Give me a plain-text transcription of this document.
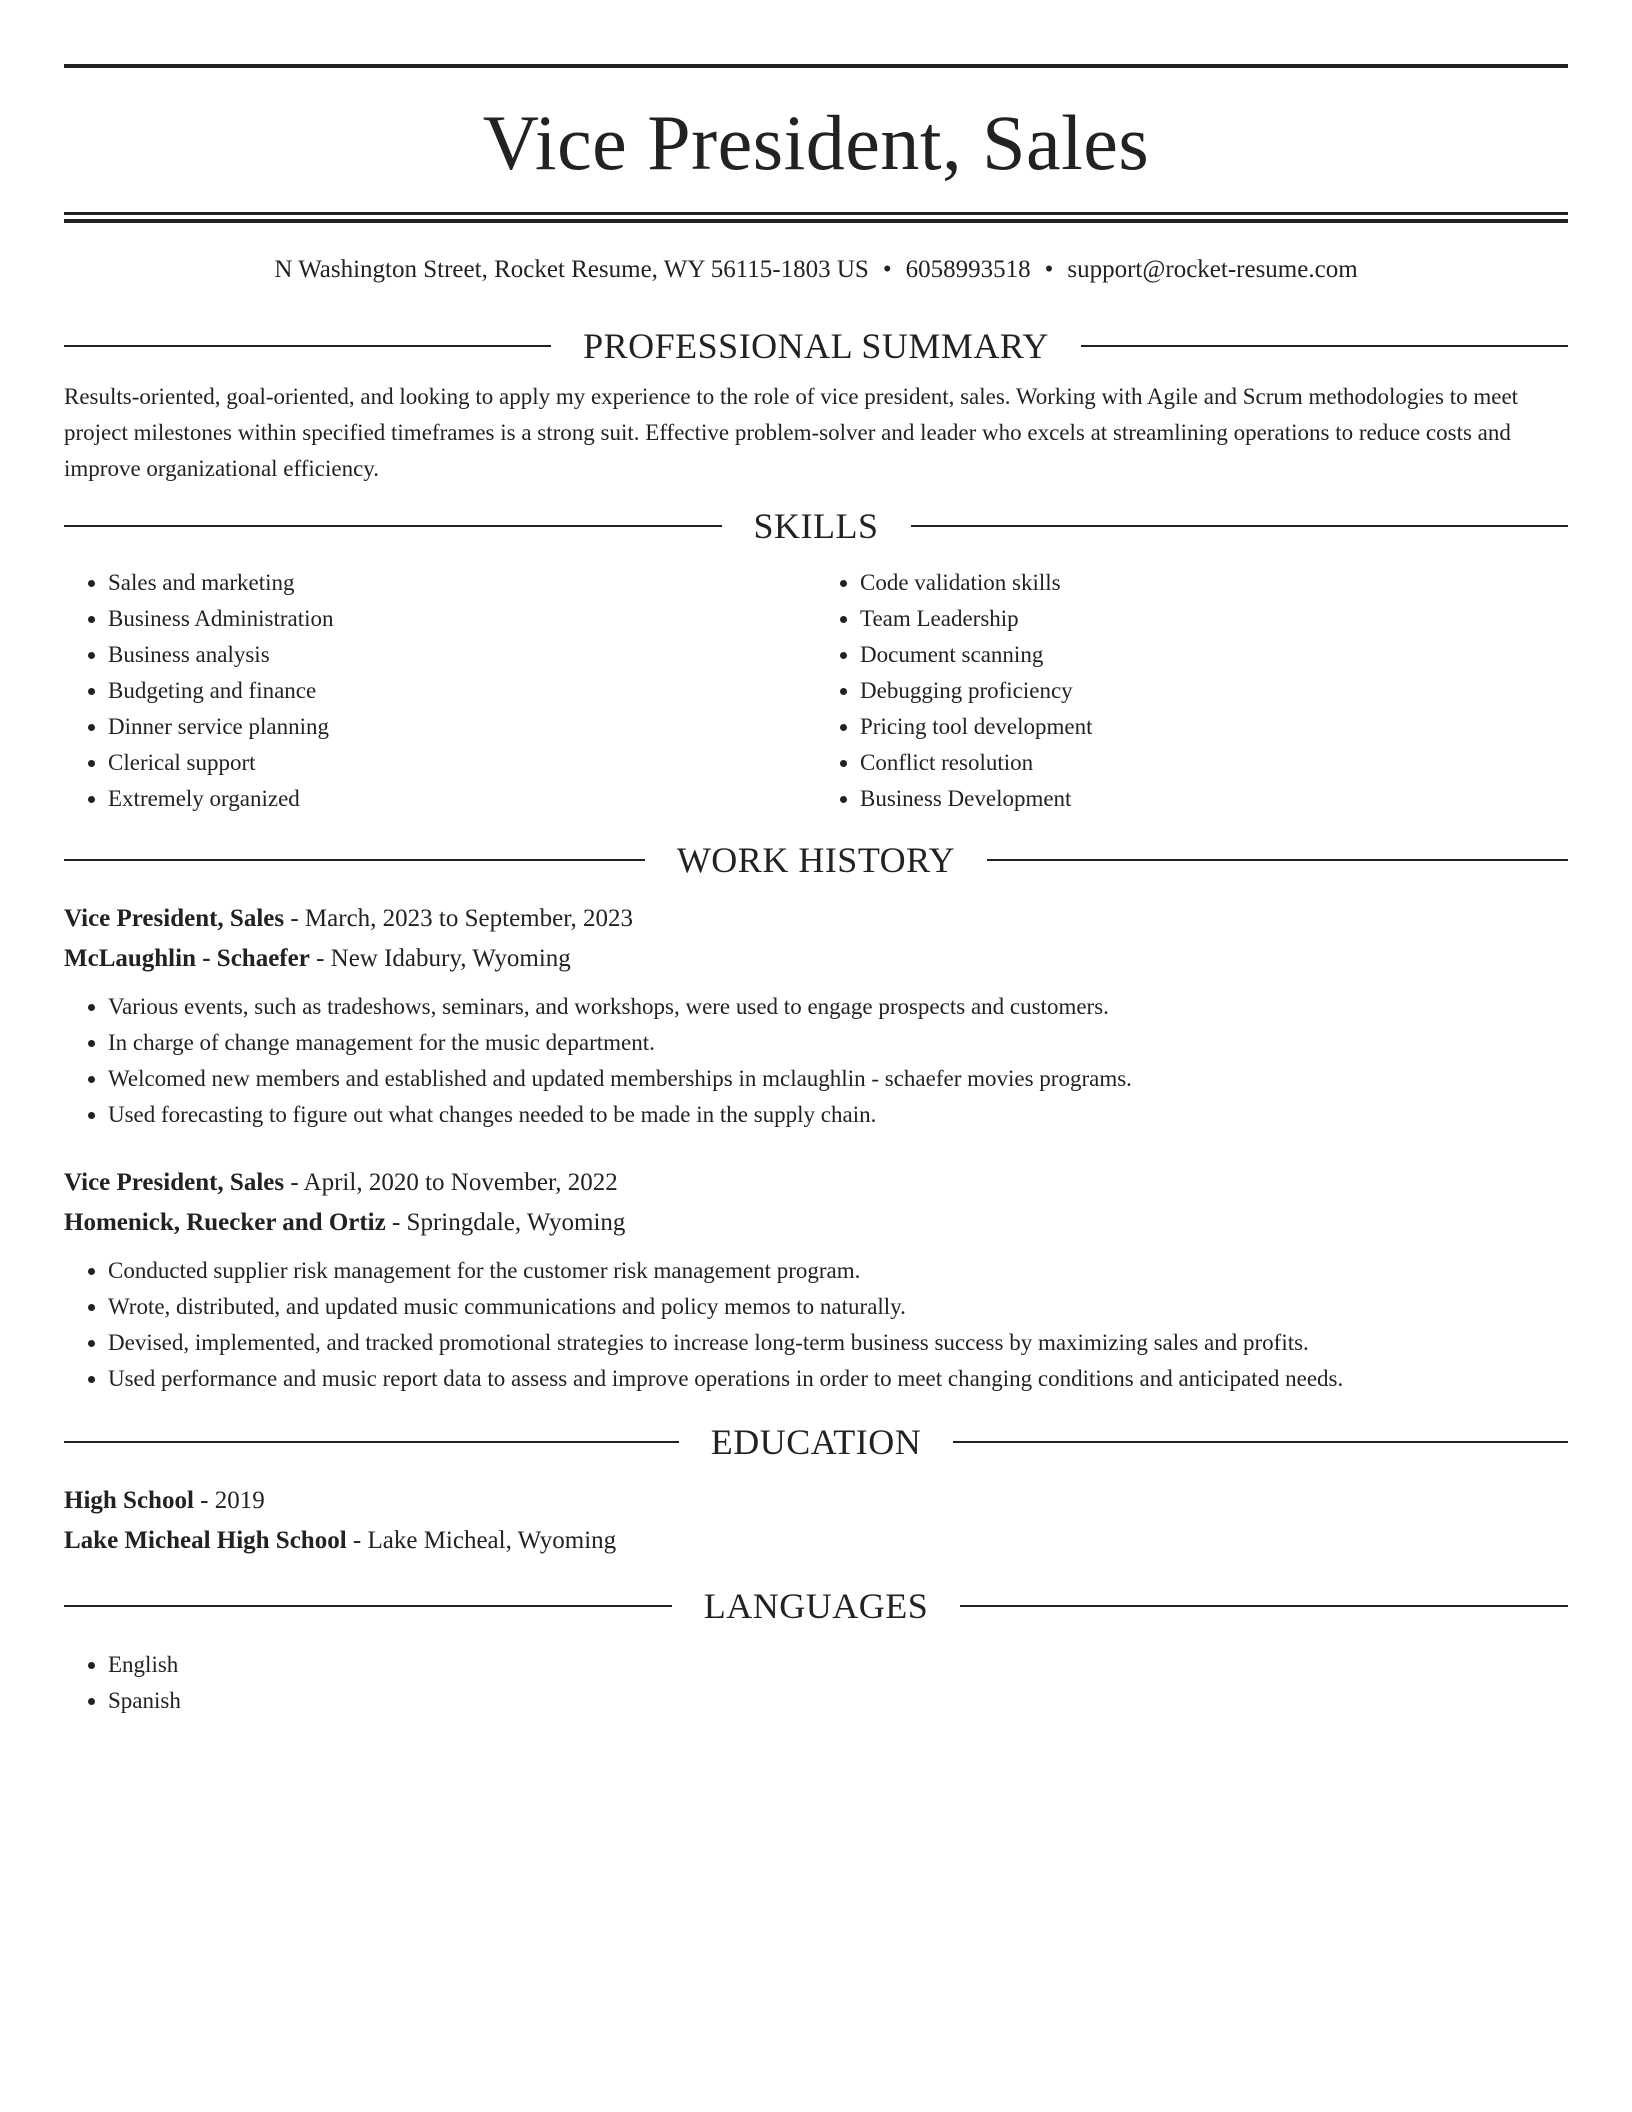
Vice President, Sales
N Washington Street, Rocket Resume, WY 56115-1803 US • 6058993518 • support@rocket-resume.com
PROFESSIONAL SUMMARY

Results-oriented, goal-oriented, and looking to apply my experience to the role of vice president, sales. Working with Agile and Scrum methodologies to meet project milestones within specified timeframes is a strong suit. Effective problem-solver and leader who excels at streamlining operations to reduce costs and improve organizational efficiency.

SKILLS
• Sales and marketing
• Business Administration
• Business analysis
• Budgeting and finance
• Dinner service planning
• Clerical support
• Extremely organized
• Code validation skills
• Team Leadership
• Document scanning
• Debugging proficiency
• Pricing tool development
• Conflict resolution
• Business Development
WORK HISTORY
Vice President, Sales - March, 2023 to September, 2023
McLaughlin - Schaefer - New Idabury, Wyoming
• Various events, such as tradeshows, seminars, and workshops, were used to engage prospects and customers.
• In charge of change management for the music department.
• Welcomed new members and established and updated memberships in mclaughlin - schaefer movies programs.
• Used forecasting to figure out what changes needed to be made in the supply chain.
Vice President, Sales - April, 2020 to November, 2022
Homenick, Ruecker and Ortiz - Springdale, Wyoming
• Conducted supplier risk management for the customer risk management program.
• Wrote, distributed, and updated music communications and policy memos to naturally.
• Devised, implemented, and tracked promotional strategies to increase long-term business success by maximizing sales and profits.
• Used performance and music report data to assess and improve operations in order to meet changing conditions and anticipated needs.
EDUCATION
High School - 2019
Lake Micheal High School - Lake Micheal, Wyoming
LANGUAGES
• English
• Spanish
